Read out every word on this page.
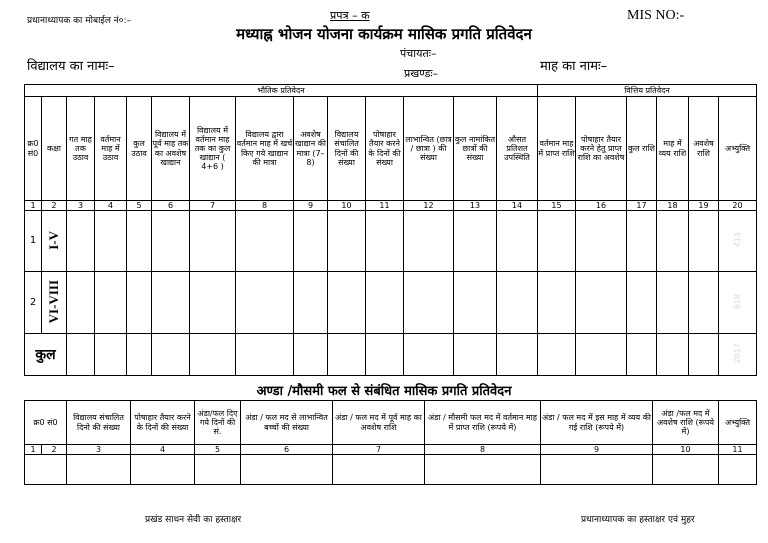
प्रधानाध्यापक का मोबाईल नं०:–	प्रपत्र – क	MIS NO:-
मध्याह्न भोजन योजना कार्यक्रम मासिक प्रगति प्रतिवेदन
विद्यालय का नामः–
पंचायतः–
प्रखण्डः–	माह का नामः–
भौतिक प्रतिवेदन														वित्तिय प्रतिवेदन					
क्र0 सं0	कक्षा	गत माह तक उठाव	वर्तमान माह में उठाव	कुल उठाव	विद्यालय में पूर्व माह तक का अवशेष खाद्यान	विद्यालय में वर्तमान माह तक का कुल खाद्यान ( 4+6 )	विद्यालय द्वारा वर्तमान माह में खर्च किए गये खाद्यान की मात्रा	अवशेष खाद्यान की मात्रा (7–8)	विद्यालय संचालित दिनों की संख्या	पोषाहार तैयार करने के दिनों की संख्या	लाभान्वित (छात्र / छात्रा ) की संख्या	कुल नामांकित छात्रों की संख्या	औसत प्रतिशत उपस्थिति	वर्तमान माह में प्राप्त राशि	पोषाहार तैयार करने हेतु प्राप्त राशि का अवशेष	कुल राशि	माह में व्यय राशि	अवशेष राशि	अभ्युक्ति
1	2	3	4	5	6	7	8	9	10	11	12	13	14	15	16	17	18	19	20
1	I-V																		413
2	VI-VIII																		618
कुल																			2017
अण्डा /मौसमी फल से संबंधित मासिक प्रगति प्रतिवेदन
क्र0 सं0		विद्यालय संचालित दिनो की संख्या	पोषाहार तैयार करने के दिनों की संख्या	अंडा/फल दिए गये दिनों की सं.	अंडा / फल मद से लाभान्वित बच्चों की संख्या	अंडा / फल मद में पूर्व माह का अवशेष राशि	अंडा / मौसमी फल मद में वर्तमान माह में प्राप्त राशि (रूपये में)	अंडा / फल मद में इस माह में व्यय की गई राशि (रूपये में)	अंडा /फल मद में अवशेष राशि (रूपये में)	अभ्युक्ति
1	2	3	4	5	6	7	8	9	10	11

प्रखंड साधन सेवी का हस्ताक्षर	प्रधानाध्यापक का हस्ताक्षर एवं मुहर
